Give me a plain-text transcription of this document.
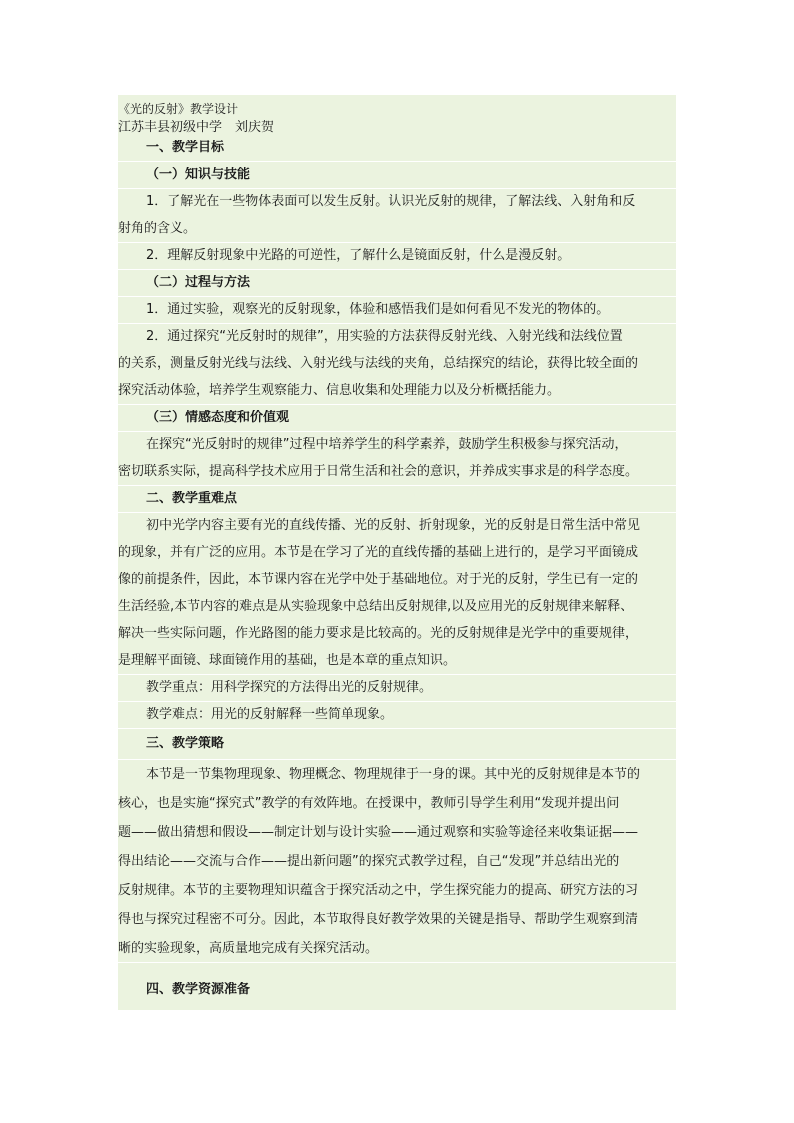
《光的反射》教学设计
江苏丰县初级中学　刘庆贺
一、教学目标
（一）知识与技能
1．了解光在一些物体表面可以发生反射。认识光反射的规律，了解法线、入射角和反
射角的含义。
2．理解反射现象中光路的可逆性，了解什么是镜面反射，什么是漫反射。
（二）过程与方法
1．通过实验，观察光的反射现象，体验和感悟我们是如何看见不发光的物体的。
2．通过探究“光反射时的规律”，用实验的方法获得反射光线、入射光线和法线位置
的关系，测量反射光线与法线、入射光线与法线的夹角，总结探究的结论，获得比较全面的
探究活动体验，培养学生观察能力、信息收集和处理能力以及分析概括能力。
（三）情感态度和价值观
在探究“光反射时的规律”过程中培养学生的科学素养，鼓励学生积极参与探究活动，
密切联系实际，提高科学技术应用于日常生活和社会的意识，并养成实事求是的科学态度。
二、教学重难点
初中光学内容主要有光的直线传播、光的反射、折射现象，光的反射是日常生活中常见
的现象，并有广泛的应用。本节是在学习了光的直线传播的基础上进行的，是学习平面镜成
像的前提条件，因此，本节课内容在光学中处于基础地位。对于光的反射，学生已有一定的
生活经验,本节内容的难点是从实验现象中总结出反射规律,以及应用光的反射规律来解释、
解决一些实际问题，作光路图的能力要求是比较高的。光的反射规律是光学中的重要规律，
是理解平面镜、球面镜作用的基础，也是本章的重点知识。
教学重点：用科学探究的方法得出光的反射规律。
教学难点：用光的反射解释一些简单现象。
三、教学策略
本节是一节集物理现象、物理概念、物理规律于一身的课。其中光的反射规律是本节的
核心，也是实施“探究式”教学的有效阵地。在授课中，教师引导学生利用“发现并提出问
题——做出猜想和假设——制定计划与设计实验——通过观察和实验等途径来收集证据——
得出结论——交流与合作——提出新问题”的探究式教学过程，自己“发现”并总结出光的
反射规律。本节的主要物理知识蕴含于探究活动之中，学生探究能力的提高、研究方法的习
得也与探究过程密不可分。因此，本节取得良好教学效果的关键是指导、帮助学生观察到清
晰的实验现象，高质量地完成有关探究活动。
四、教学资源准备
